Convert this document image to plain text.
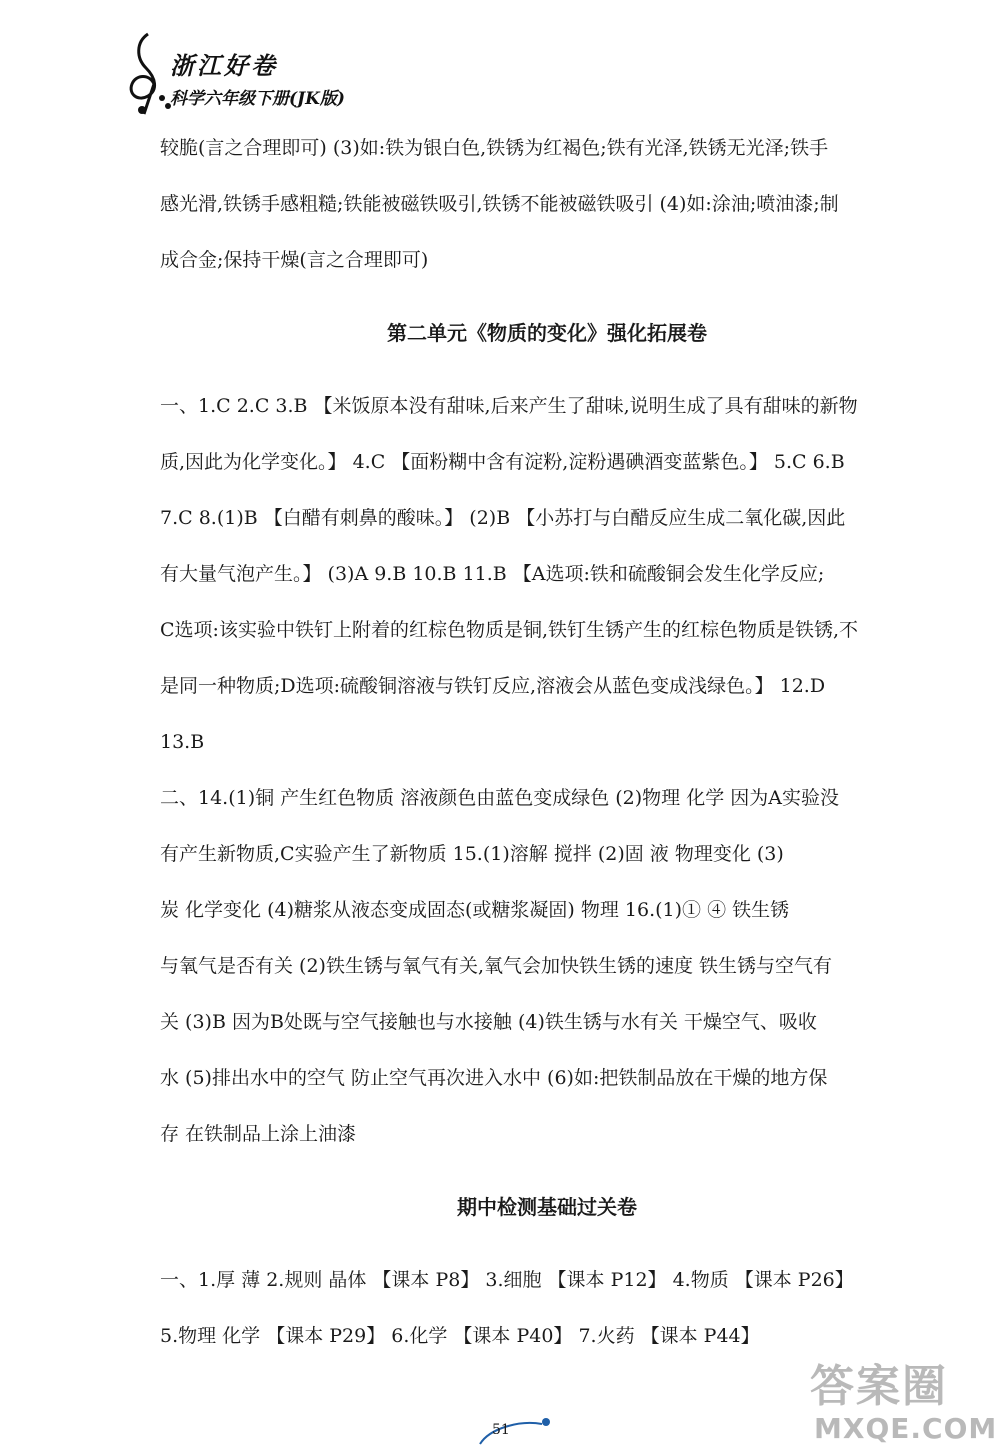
浙江好卷
科学六年级下册(JK版)
较脆(言之合理即可) (3)如:铁为银白色,铁锈为红褐色;铁有光泽,铁锈无光泽;铁手
感光滑,铁锈手感粗糙;铁能被磁铁吸引,铁锈不能被磁铁吸引 (4)如:涂油;喷油漆;制
成合金;保持干燥(言之合理即可)
第二单元《物质的变化》强化拓展卷
一、1.C 2.C 3.B 【米饭原本没有甜味,后来产生了甜味,说明生成了具有甜味的新物
质,因此为化学变化。】 4.C 【面粉糊中含有淀粉,淀粉遇碘酒变蓝紫色。】 5.C 6.B
7.C 8.(1)B 【白醋有刺鼻的酸味。】 (2)B 【小苏打与白醋反应生成二氧化碳,因此
有大量气泡产生。】 (3)A 9.B 10.B 11.B 【A选项:铁和硫酸铜会发生化学反应;
C选项:该实验中铁钉上附着的红棕色物质是铜,铁钉生锈产生的红棕色物质是铁锈,不
是同一种物质;D选项:硫酸铜溶液与铁钉反应,溶液会从蓝色变成浅绿色。】 12.D
13.B
二、14.(1)铜 产生红色物质 溶液颜色由蓝色变成绿色 (2)物理 化学 因为A实验没
有产生新物质,C实验产生了新物质 15.(1)溶解 搅拌 (2)固 液 物理变化 (3)
炭 化学变化 (4)糖浆从液态变成固态(或糖浆凝固) 物理 16.(1)① ④ 铁生锈
与氧气是否有关 (2)铁生锈与氧气有关,氧气会加快铁生锈的速度 铁生锈与空气有
关 (3)B 因为B处既与空气接触也与水接触 (4)铁生锈与水有关 干燥空气、吸收
水 (5)排出水中的空气 防止空气再次进入水中 (6)如:把铁制品放在干燥的地方保
存 在铁制品上涂上油漆
期中检测基础过关卷
一、1.厚 薄 2.规则 晶体 【课本 P8】 3.细胞 【课本 P12】 4.物质 【课本 P26】
5.物理 化学 【课本 P29】 6.化学 【课本 P40】 7.火药 【课本 P44】
51
答案圈
MXQE.COM
